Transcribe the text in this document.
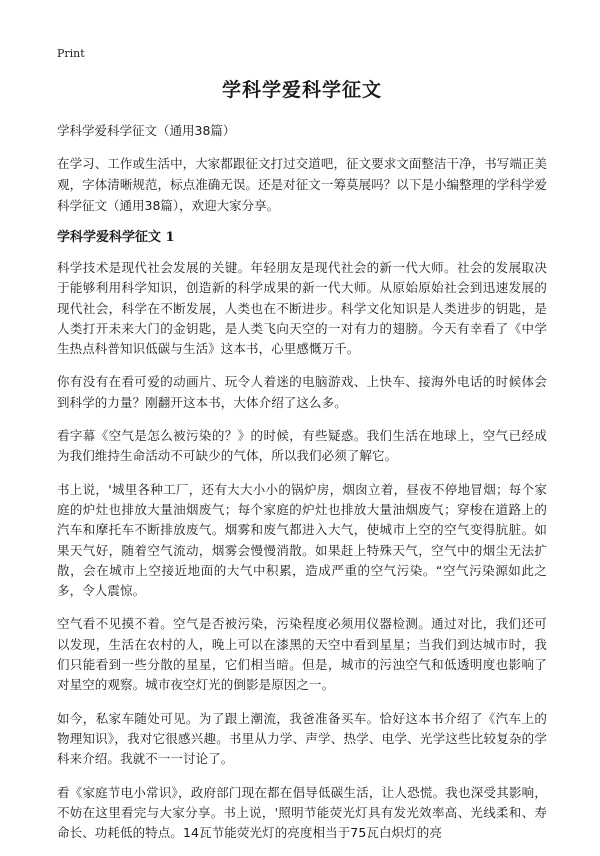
Print
学科学爱科学征文
学科学爱科学征文（通用38篇）
在学习、工作或生活中，大家都跟征文打过交道吧，征文要求文面整洁干净，书写端正美观，字体清晰规范，标点准确无误。还是对征文一筹莫展吗？以下是小编整理的学科学爱科学征文（通用38篇），欢迎大家分享。
学科学爱科学征文 1
科学技术是现代社会发展的关键。年轻朋友是现代社会的新一代大师。社会的发展取决于能够利用科学知识，创造新的科学成果的新一代大师。从原始原始社会到迅速发展的现代社会，科学在不断发展，人类也在不断进步。科学文化知识是人类进步的钥匙，是人类打开未来大门的金钥匙，是人类飞向天空的一对有力的翅膀。今天有幸看了《中学生热点科普知识低碳与生活》这本书，心里感慨万千。
你有没有在看可爱的动画片、玩令人着迷的电脑游戏、上快车、接海外电话的时候体会到科学的力量？刚翻开这本书，大体介绍了这么多。
看字幕《空气是怎么被污染的？》的时候，有些疑惑。我们生活在地球上，空气已经成为我们维持生命活动不可缺少的气体，所以我们必须了解它。
书上说，'城里各种工厂，还有大大小小的锅炉房，烟囱立着，昼夜不停地冒烟；每个家庭的炉灶也排放大量油烟废气；每个家庭的炉灶也排放大量油烟废气；穿梭在道路上的汽车和摩托车不断排放废气。烟雾和废气都进入大气，使城市上空的空气变得肮脏。如果天气好，随着空气流动，烟雾会慢慢消散。如果赶上特殊天气，空气中的烟尘无法扩散，会在城市上空接近地面的大气中积累，造成严重的空气污染。“空气污染源如此之多，令人震惊。
空气看不见摸不着。空气是否被污染，污染程度必须用仪器检测。通过对比，我们还可以发现，生活在农村的人，晚上可以在漆黑的天空中看到星星；当我们到达城市时，我们只能看到一些分散的星星，它们相当暗。但是，城市的污浊空气和低透明度也影响了对星空的观察。城市夜空灯光的倒影是原因之一。
如今，私家车随处可见。为了跟上潮流，我爸准备买车。恰好这本书介绍了《汽车上的物理知识》，我对它很感兴趣。书里从力学、声学、热学、电学、光学这些比较复杂的学科来介绍。我就不一一讨论了。
看《家庭节电小常识》，政府部门现在都在倡导低碳生活，让人恐慌。我也深受其影响，不妨在这里看完与大家分享。书上说，'照明节能荧光灯具有发光效率高、光线柔和、寿命长、功耗低的特点。14瓦节能荧光灯的亮度相当于75瓦白炽灯的亮
